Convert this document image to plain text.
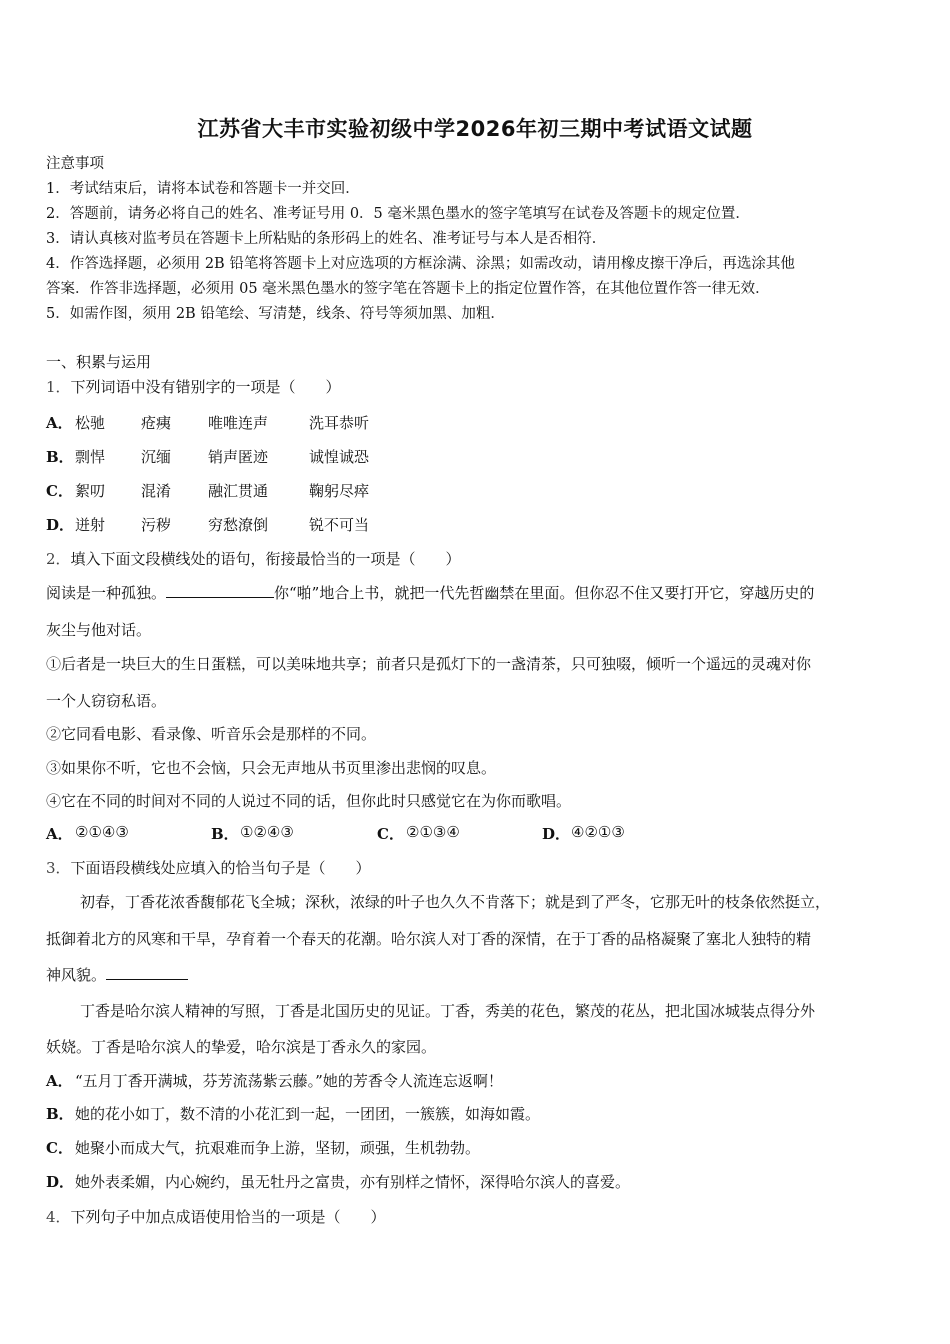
江苏省大丰市实验初级中学2026年初三期中考试语文试题
注意事项
1．考试结束后，请将本试卷和答题卡一并交回．
2．答题前，请务必将自己的姓名、准考证号用 0．5 毫米黑色墨水的签字笔填写在试卷及答题卡的规定位置．
3．请认真核对监考员在答题卡上所粘贴的条形码上的姓名、准考证号与本人是否相符．
4．作答选择题，必须用 2B 铅笔将答题卡上对应选项的方框涂满、涂黑；如需改动，请用橡皮擦干净后，再选涂其他
答案．作答非选择题，必须用 05 毫米黑色墨水的签字笔在答题卡上的指定位置作答，在其他位置作答一律无效．
5．如需作图，须用 2B 铅笔绘、写清楚，线条、符号等须加黑、加粗．
一、积累与运用
1．下列词语中没有错别字的一项是（　　）
A． 松驰 疮痍 唯唯连声	洗耳恭听
B． 剽悍 沉缅 销声匿迹	诚惶诚恐
C． 絮叨 混淆 融汇贯通	鞠躬尽瘁
D． 迸射 污秽 穷愁潦倒	锐不可当
2．填入下面文段横线处的语句，衔接最恰当的一项是（　　）
阅读是一种孤独。	你“啪”地合上书，就把一代先哲幽禁在里面。但你忍不住又要打开它，穿越历史的
灰尘与他对话。
①后者是一块巨大的生日蛋糕，可以美味地共享；前者只是孤灯下的一盏清茶，只可独啜，倾听一个遥远的灵魂对你
一个人窃窃私语。
②它同看电影、看录像、听音乐会是那样的不同。
③如果你不听，它也不会恼，只会无声地从书页里渗出悲悯的叹息。
④它在不同的时间对不同的人说过不同的话，但你此时只感觉它在为你而歌唱。
A． ②①④③	B． ①②④③	C． ②①③④	D． ④②①③
3．下面语段横线处应填入的恰当句子是（　　）
初春，丁香花浓香馥郁花飞全城；深秋，浓绿的叶子也久久不肯落下；就是到了严冬，它那无叶的枝条依然挺立，
抵御着北方的风寒和干旱，孕育着一个春天的花潮。哈尔滨人对丁香的深情，在于丁香的品格凝聚了塞北人独特的精
神风貌。
丁香是哈尔滨人精神的写照，丁香是北国历史的见证。丁香，秀美的花色，繁茂的花丛，把北国冰城装点得分外
妖娆。丁香是哈尔滨人的挚爱，哈尔滨是丁香永久的家园。
A． “五月丁香开满城，芬芳流荡紫云藤。”她的芳香令人流连忘返啊！
B． 她的花小如丁，数不清的小花汇到一起，一团团，一簇簇，如海如霞。
C． 她聚小而成大气，抗艰难而争上游，坚韧，顽强，生机勃勃。
D． 她外表柔媚，内心婉约，虽无牡丹之富贵，亦有别样之情怀，深得哈尔滨人的喜爱。
4．下列句子中加点成语使用恰当的一项是（　　）
